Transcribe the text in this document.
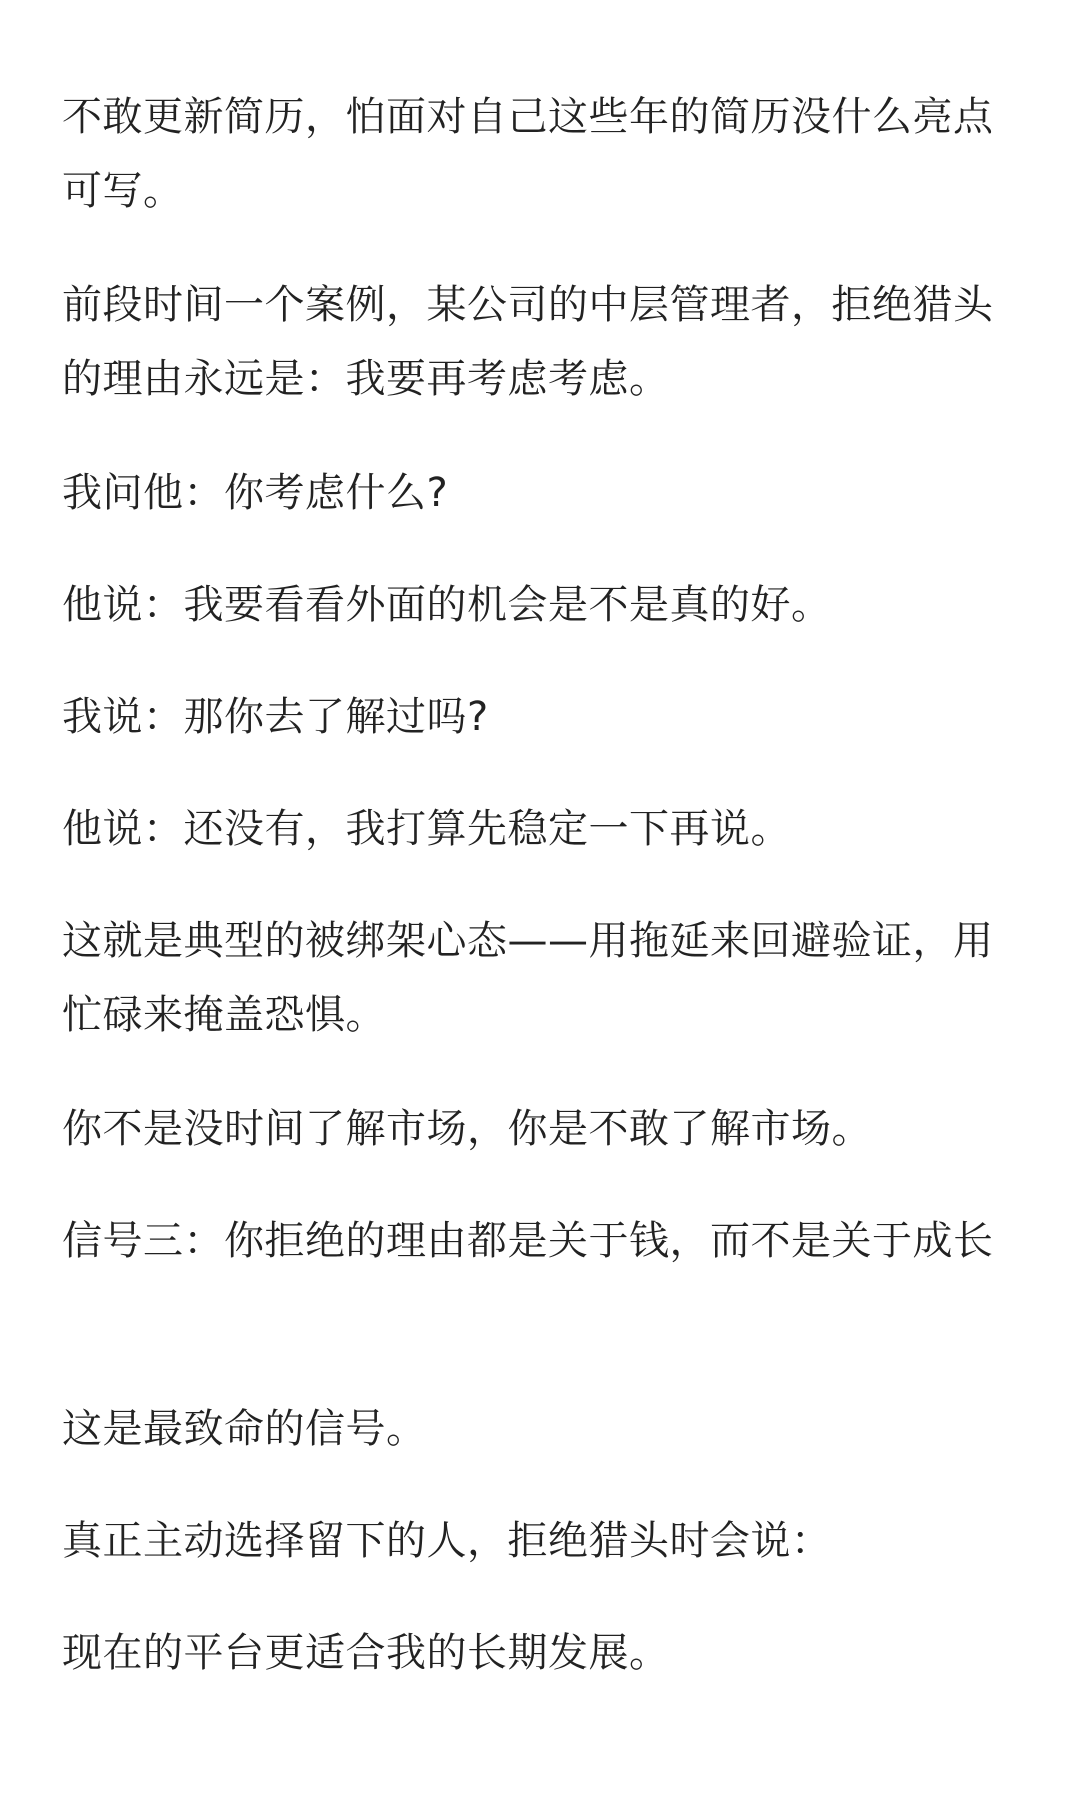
不敢更新简历，怕面对自己这些年的简历没什么亮点可写。

前段时间一个案例，某公司的中层管理者，拒绝猎头的理由永远是：我要再考虑考虑。

我问他：你考虑什么?

他说：我要看看外面的机会是不是真的好。

我说：那你去了解过吗?

他说：还没有，我打算先稳定一下再说。

这就是典型的被绑架心态——用拖延来回避验证，用忙碌来掩盖恐惧。

你不是没时间了解市场，你是不敢了解市场。

信号三：你拒绝的理由都是关于钱，而不是关于成长

这是最致命的信号。

真正主动选择留下的人，拒绝猎头时会说：

现在的平台更适合我的长期发展。
